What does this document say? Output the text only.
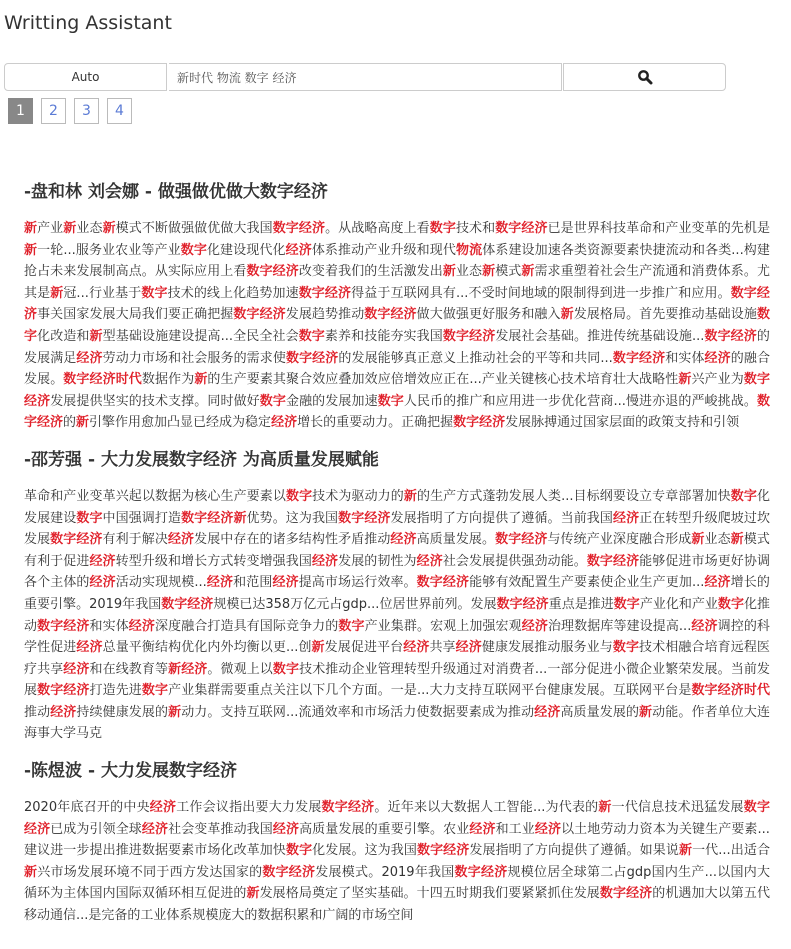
Writting Assistant
Auto
新时代 物流 数字 经济
1	2	3	4
-盘和林 刘会娜 - 做强做优做大数字经济

新产业新业态新模式不断做强做优做大我国数字经济。从战略高度上看数字技术和数字经济已是世界科技革命和产业变革的先机是新一轮...服务业农业等产业数字化建设现代化经济体系推动产业升级和现代物流体系建设加速各类资源要素快捷流动和各类...构建抢占未来发展制高点。从实际应用上看数字经济改变着我们的生活激发出新业态新模式新需求重塑着社会生产流通和消费体系。尤其是新冠...行业基于数字技术的线上化趋势加速数字经济得益于互联网具有...不受时间地域的限制得到进一步推广和应用。数字经济事关国家发展大局我们要正确把握数字经济发展趋势推动数字经济做大做强更好服务和融入新发展格局。首先要推动基础设施数字化改造和新型基础设施建设提高...全民全社会数字素养和技能夯实我国数字经济发展社会基础。推进传统基础设施...数字经济的发展满足经济劳动力市场和社会服务的需求使数字经济的发展能够真正意义上推动社会的平等和共同...数字经济和实体经济的融合发展。数字经济时代数据作为新的生产要素其聚合效应叠加效应倍增效应正在...产业关键核心技术培育壮大战略性新兴产业为数字经济发展提供坚实的技术支撑。同时做好数字金融的发展加速数字人民币的推广和应用进一步优化营商...慢进亦退的严峻挑战。数字经济的新引擎作用愈加凸显已经成为稳定经济增长的重要动力。正确把握数字经济发展脉搏通过国家层面的政策支持和引领

-邵芳强 - 大力发展数字经济 为高质量发展赋能

革命和产业变革兴起以数据为核心生产要素以数字技术为驱动力的新的生产方式蓬勃发展人类...目标纲要设立专章部署加快数字化发展建设数字中国强调打造数字经济新优势。这为我国数字经济发展指明了方向提供了遵循。当前我国经济正在转型升级爬坡过坎发展数字经济有利于解决经济发展中存在的诸多结构性矛盾推动经济高质量发展。数字经济与传统产业深度融合形成新业态新模式有利于促进经济转型升级和增长方式转变增强我国经济发展的韧性为经济社会发展提供强劲动能。数字经济能够促进市场更好协调各个主体的经济活动实现规模...经济和范围经济提高市场运行效率。数字经济能够有效配置生产要素使企业生产更加...经济增长的重要引擎。2019年我国数字经济规模已达358万亿元占gdp...位居世界前列。发展数字经济重点是推进数字产业化和产业数字化推动数字经济和实体经济深度融合打造具有国际竞争力的数字产业集群。宏观上加强宏观经济治理数据库等建设提高...经济调控的科学性促进经济总量平衡结构优化内外均衡以更...创新发展促进平台经济共享经济健康发展推动服务业与数字技术相融合培育远程医疗共享经济和在线教育等新经济。微观上以数字技术推动企业管理转型升级通过对消费者...一部分促进小微企业繁荣发展。当前发展数字经济打造先进数字产业集群需要重点关注以下几个方面。一是...大力支持互联网平台健康发展。互联网平台是数字经济时代推动经济持续健康发展的新动力。支持互联网...流通效率和市场活力使数据要素成为推动经济高质量发展的新动能。作者单位大连海事大学马克

-陈煜波 - 大力发展数字经济

2020年底召开的中央经济工作会议指出要大力发展数字经济。近年来以大数据人工智能...为代表的新一代信息技术迅猛发展数字经济已成为引领全球经济社会变革推动我国经济高质量发展的重要引擎。农业经济和工业经济以土地劳动力资本为关键生产要素...建议进一步提出推进数据要素市场化改革加快数字化发展。这为我国数字经济发展指明了方向提供了遵循。如果说新一代...出适合新兴市场发展环境不同于西方发达国家的数字经济发展模式。2019年我国数字经济规模位居全球第二占gdp国内生产...以国内大循环为主体国内国际双循环相互促进的新发展格局奠定了坚实基础。十四五时期我们要紧紧抓住发展数字经济的机遇加大以第五代移动通信...是完备的工业体系规模庞大的数据积累和广阔的市场空间
